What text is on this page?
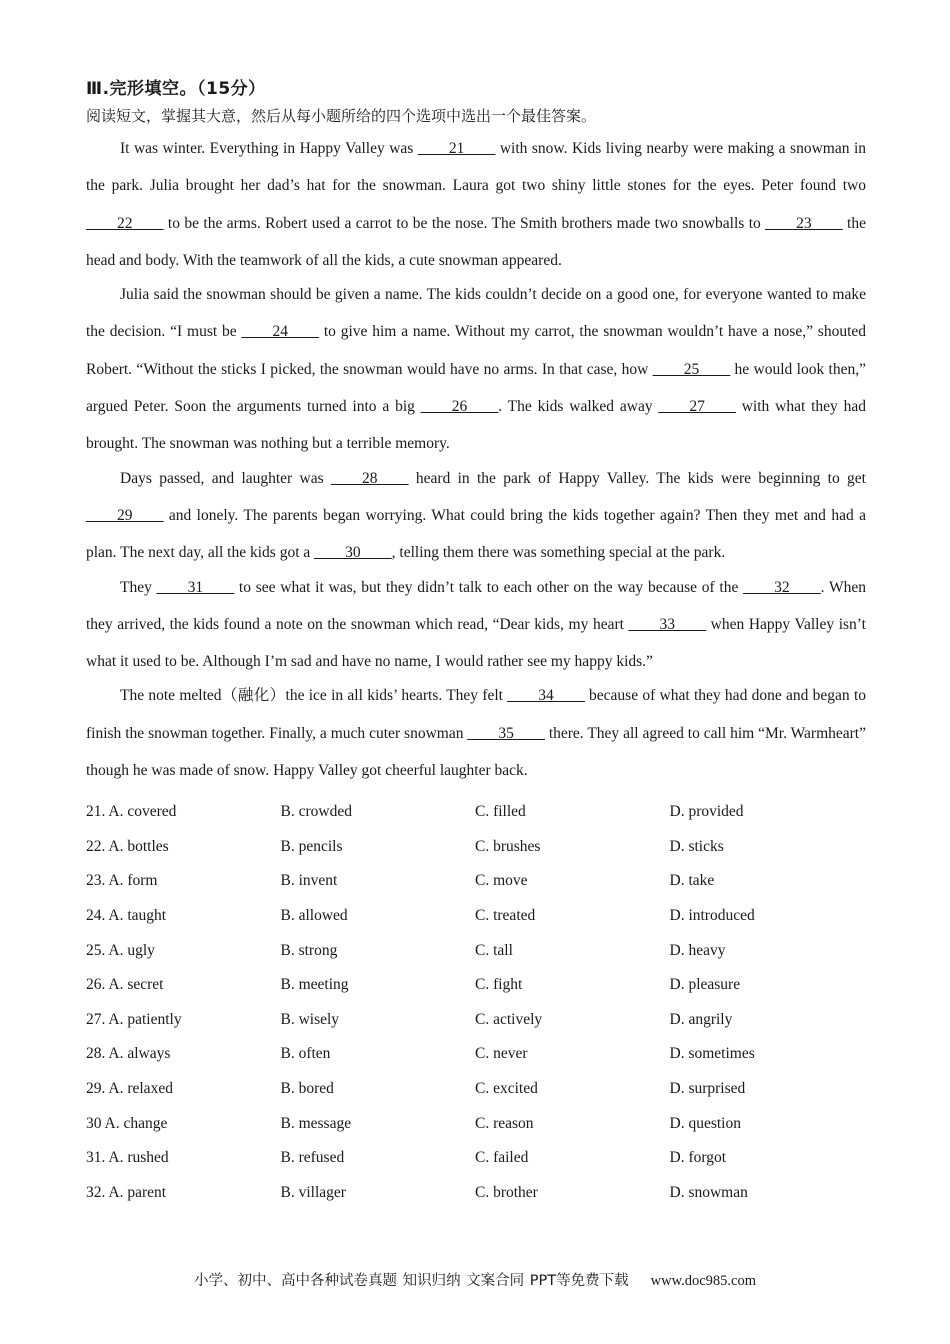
Ⅲ.完形填空。（15分）
阅读短文，掌握其大意，然后从每小题所给的四个选项中选出一个最佳答案。

It was winter. Everything in Happy Valley was ____21____ with snow. Kids living nearby were making a snowman in the park. Julia brought her dad’s hat for the snowman. Laura got two shiny little stones for the eyes. Peter found two ____22____ to be the arms. Robert used a carrot to be the nose. The Smith brothers made two snowballs to ____23____ the head and body. With the teamwork of all the kids, a cute snowman appeared.

Julia said the snowman should be given a name. The kids couldn’t decide on a good one, for everyone wanted to make the decision. “I must be ____24____ to give him a name. Without my carrot, the snowman wouldn’t have a nose,” shouted Robert. “Without the sticks I picked, the snowman would have no arms. In that case, how ____25____ he would look then,” argued Peter. Soon the arguments turned into a big ____26____. The kids walked away ____27____ with what they had brought. The snowman was nothing but a terrible memory.

Days passed, and laughter was ____28____ heard in the park of Happy Valley. The kids were beginning to get ____29____ and lonely. The parents began worrying. What could bring the kids together again? Then they met and had a plan. The next day, all the kids got a ____30____, telling them there was something special at the park.

They ____31____ to see what it was, but they didn’t talk to each other on the way because of the ____32____. When they arrived, the kids found a note on the snowman which read, “Dear kids, my heart ____33____ when Happy Valley isn’t what it used to be. Although I’m sad and have no name, I would rather see my happy kids.”

The note melted（融化）the ice in all kids’ hearts. They felt ____34____ because of what they had done and began to finish the snowman together. Finally, a much cuter snowman ____35____ there. They all agreed to call him “Mr. Warmheart” though he was made of snow. Happy Valley got cheerful laughter back.

21. A. covered	B. crowded	C. filled	D. provided
22. A. bottles	B. pencils	C. brushes	D. sticks
23. A. form	B. invent	C. move	D. take
24. A. taught	B. allowed	C. treated	D. introduced
25. A. ugly	B. strong	C. tall	D. heavy
26. A. secret	B. meeting	C. fight	D. pleasure
27. A. patiently	B. wisely	C. actively	D. angrily
28. A. always	B. often	C. never	D. sometimes
29. A. relaxed	B. bored	C. excited	D. surprised
30 A. change	B. message	C. reason	D. question
31. A. rushed	B. refused	C. failed	D. forgot
32. A. parent	B. villager	C. brother	D. snowman
小学、初中、高中各种试卷真题 知识归纳 文案合同 PPT等免费下载 www.doc985.com
